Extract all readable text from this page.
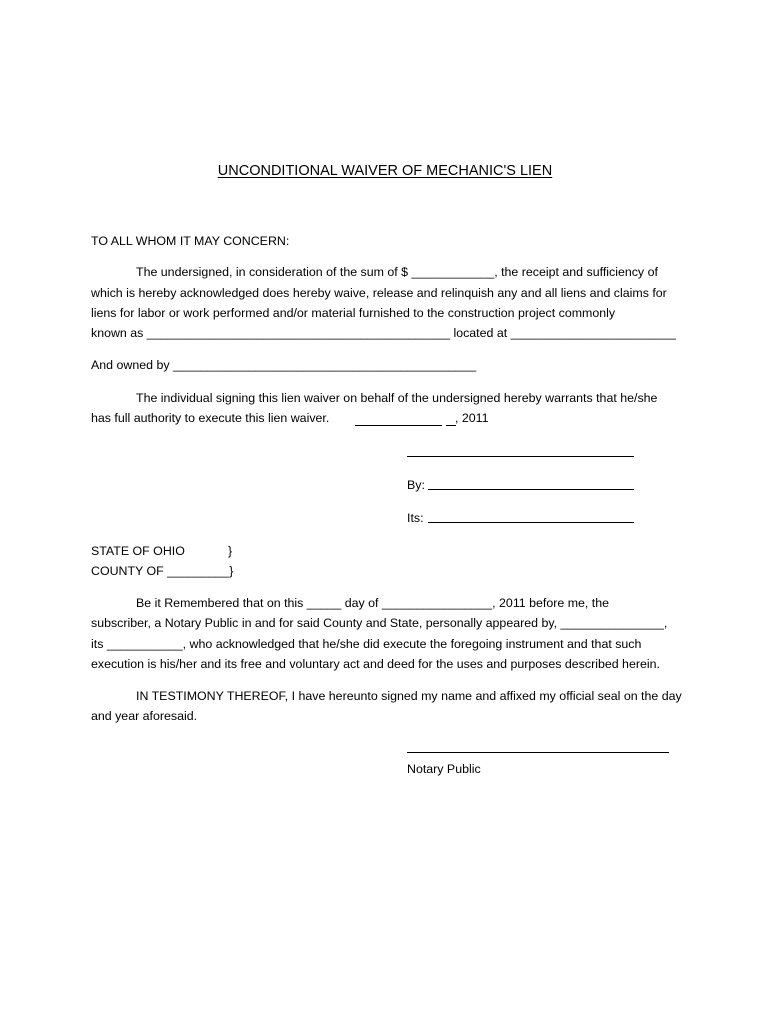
UNCONDITIONAL WAIVER OF MECHANIC'S LIEN
TO ALL WHOM IT MAY CONCERN:
The undersigned, in consideration of the sum of $ ____________, the receipt and sufficiency of
which is hereby acknowledged does hereby waive, release and relinquish any and all liens and claims for
liens for labor or work performed and/or material furnished to the construction project commonly
known as ____________________________________________ located at ________________________
And owned by ____________________________________________
The individual signing this lien waiver on behalf of the undersigned hereby warrants that he/she
has full authority to execute this lien waiver.	, 2011
By:
Its:
STATE OF OHIO	}
COUNTY OF _________}
Be it Remembered that on this _____ day of ________________, 2011 before me, the
subscriber, a Notary Public in and for said County and State, personally appeared by, _______________,
its ___________, who acknowledged that he/she did execute the foregoing instrument and that such
execution is his/her and its free and voluntary act and deed for the uses and purposes described herein.
IN TESTIMONY THEREOF, I have hereunto signed my name and affixed my official seal on the day
and year aforesaid.
Notary Public
